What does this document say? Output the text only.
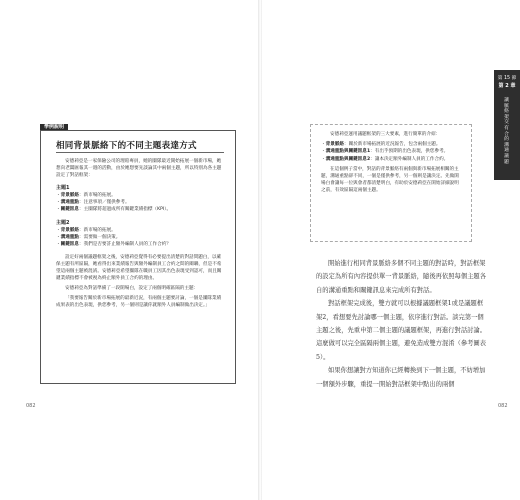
學例說明
相同背景脈絡下的不同主題表達方式

安德莉亞是一家保險公司的理賠專員，她的團隊最近開始拓展一個新市場，她想向老闆匯報其一週的活動，由於她想要先談論其中兩個主題，所以特別為各主題設定了對話框架：

主題1
・背景脈絡：新市場的拓展。
・溝通重點：注意事項／僅供參考。
・關鍵訊息：主團隊將超過成所有關鍵業績指標（KPI）。
主題2
・背景脈絡：新市場的拓展。
・溝通重點：需要做一個決策。
・關鍵訊息：我們是否要許止額外編制人員的工作合約？

設定好兩個議題框架之後，安德莉亞覺得有必要提出清楚的對話問題白，以確保主題有所區隔，她看得出來業績報告與額外編制員工合約之間的關聯，但是不希望這兩個主題被混淆。安德莉亞希望團隊在職員工因其出色表現受到認可，而且關鍵業績指標不會被視為終止額外員工合約的理由。

安德莉亞為對話準備了一段開場白，設定了兩個明確區隔的主題：

「我要報告關於新市場拓展的最新近況，有兩個主題要討論，一個是團隊業績成果表的出色表現，供您參考，另一個則是讓你就額外人員編制做出決定。」

082
第 15 節
第 2 章
讓脈絡架交有合的溝通議題

安德莉亞運用議題框架的三大要素，進行簡單的介紹：

・背景脈絡：關於新市場拓展的近況報告，包含兩個主題。
・溝通重點與關鍵訊息1：有出乎預期的出色表現，供您參考。
・溝通重點與關鍵訊息2：讓本決定額外編制人員的工作合約。

在這個例子當中，對話的背景脈絡有兩個與新市場拓展相關的主題，溝通重點卻不同，一個是僅供參考，另一個則是讓決定。先做開場白會讓每一位與會者都清楚明白，有助於安德莉亞在開始詳細說明之前，有效區隔這兩個主題。

開始進行相同背景脈絡多個不同主題的對話時，對話框架的設定為所有內容提供單一背景脈絡，隨後再依照每個主題各自的溝通重點和關鍵訊息來完成所有對話。

對話框架完成後，雙方就可以根據議題框架1或是議題框架2，看想要先討論哪一個主題，依序進行對話。談完第一個主題之後，先重申第二個主題的議題框架，再進行對話討論。這麼做可以完全區隔兩個主題，避免造成雙方混淆（參考圖表5）。

如果你想讓對方知道你已經轉換到下一個主題，不妨增加一個額外步驟，重提一開始對話框架中點出的兩個

082
